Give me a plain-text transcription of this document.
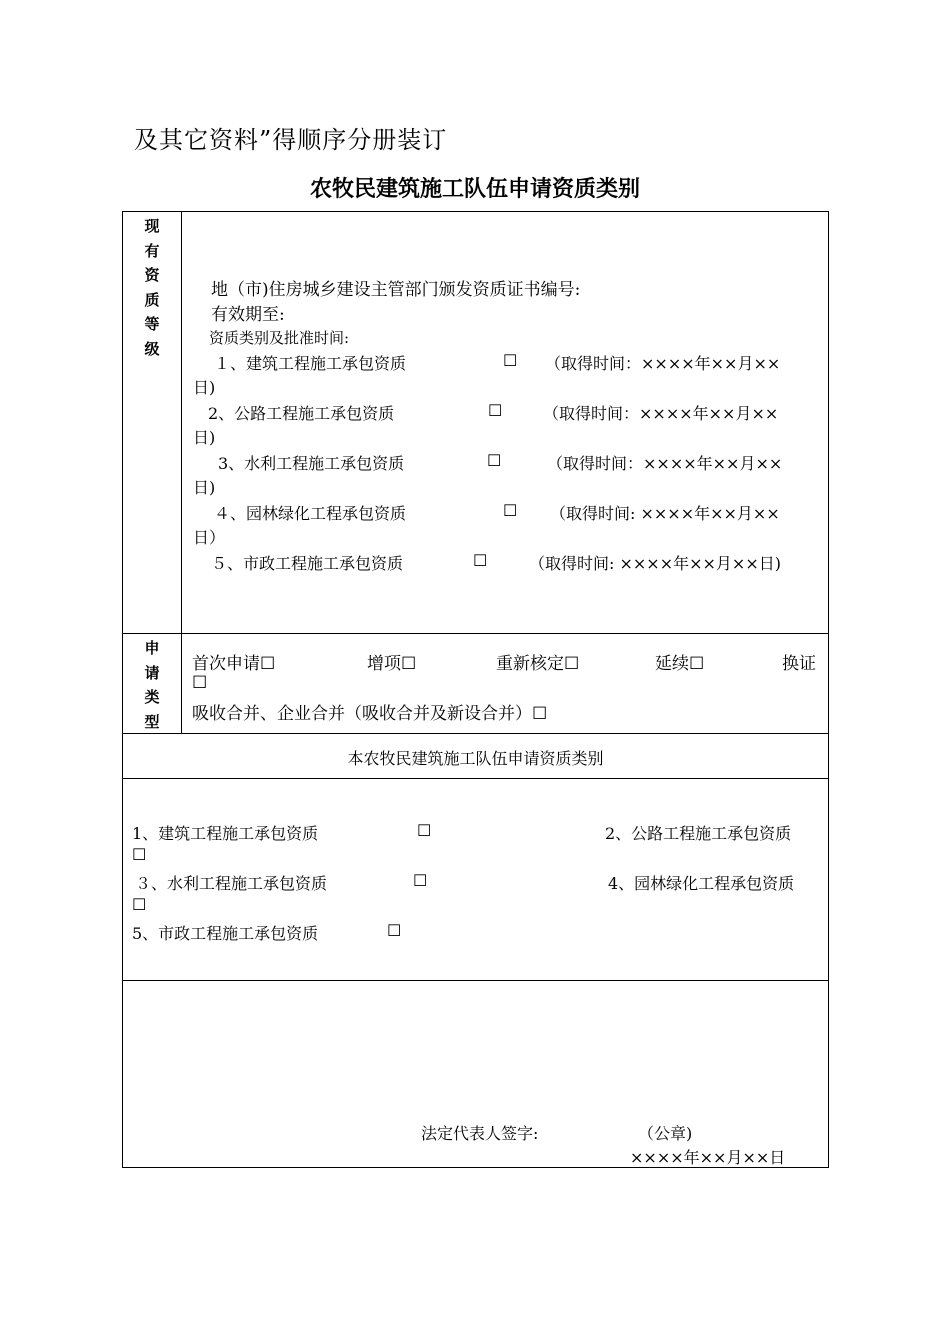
及其它资料”得顺序分册装订
农牧民建筑施工队伍申请资质类别
现
有
资
质
等
级
地（市)住房城乡建设主管部门颁发资质证书编号:
有效期至:
资质类别及批准时间:
１、建筑工程施工承包资质	☐ （取得时间：××××年××月××
日)
2、公路工程施工承包资质	☐	（取得时间：××××年××月××
日)
3、水利工程施工承包资质	☐	（取得时间：××××年××月××
日)
４、园林绿化工程承包资质	☐ （取得时间: ××××年××月××
日）
５、市政工程施工承包资质	☐	（取得时间: ××××年××月××日)
申
请
类
型
首次申请☐	增项☐	重新核定☐	延续☐	换证
☐
吸收合并、企业合并（吸收合并及新设合并）☐
本农牧民建筑施工队伍申请资质类别
1、建筑工程施工承包资质	☐	2、公路工程施工承包资质
☐
３、水利工程施工承包资质	☐	4、园林绿化工程承包资质
☐
5、市政工程施工承包资质	☐
法定代表人签字:	（公章)
××××年××月××日
